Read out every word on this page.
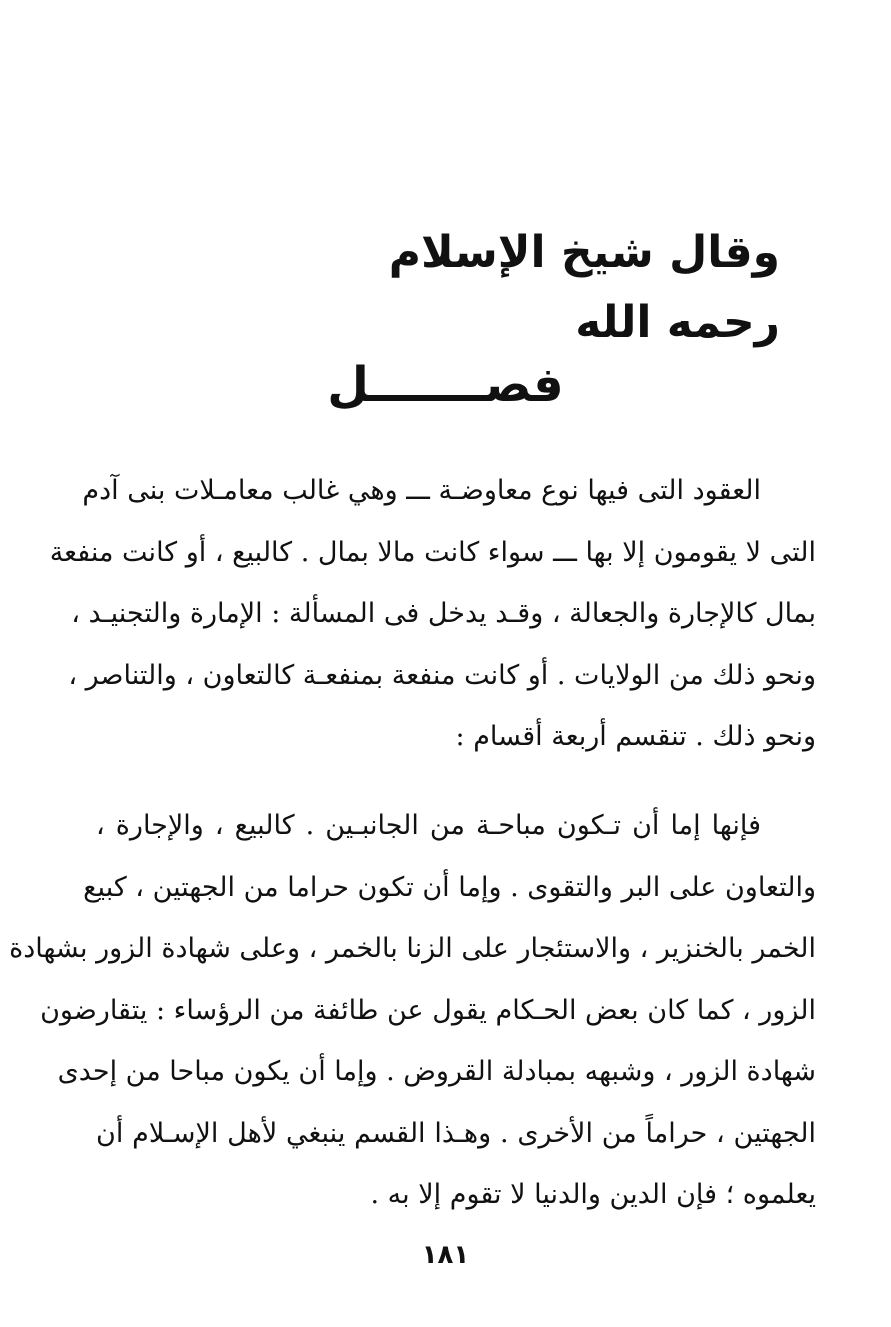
وقال شيخ الإسلام رحمه الله
فصـــــــل

العقود التى فيها نوع معاوضـة ـــ وهي غالب معامـلات بنى آدم
التى لا يقومون إلا بها ـــ سواء كانت مالا بمال . كالبيع ، أو كانت منفعة
بمال كالإجارة والجعالة ، وقـد يدخل فى المسألة : الإمارة والتجنيـد ،
ونحو ذلك من الولايات . أو كانت منفعة بمنفعـة كالتعاون ، والتناصر ،
ونحو ذلك . تنقسم أربعة أقسام :

فإنها إما أن تـكون مباحـة من الجانبـين . كالبيع ، والإجارة ،
والتعاون على البر والتقوى . وإما أن تكون حراما من الجهتين ، كبيع
الخمر بالخنزير ، والاستئجار على الزنا بالخمر ، وعلى شهادة الزور بشهادة
الزور ، كما كان بعض الحـكام يقول عن طائفة من الرؤساء : يتقارضون
شهادة الزور ، وشبهه بمبادلة القروض . وإما أن يكون مباحا من إحدى
الجهتين ، حراماً من الأخرى . وهـذا القسم ينبغي لأهل الإسـلام أن
يعلموه ؛ فإن الدين والدنيا لا تقوم إلا به .

١٨١
